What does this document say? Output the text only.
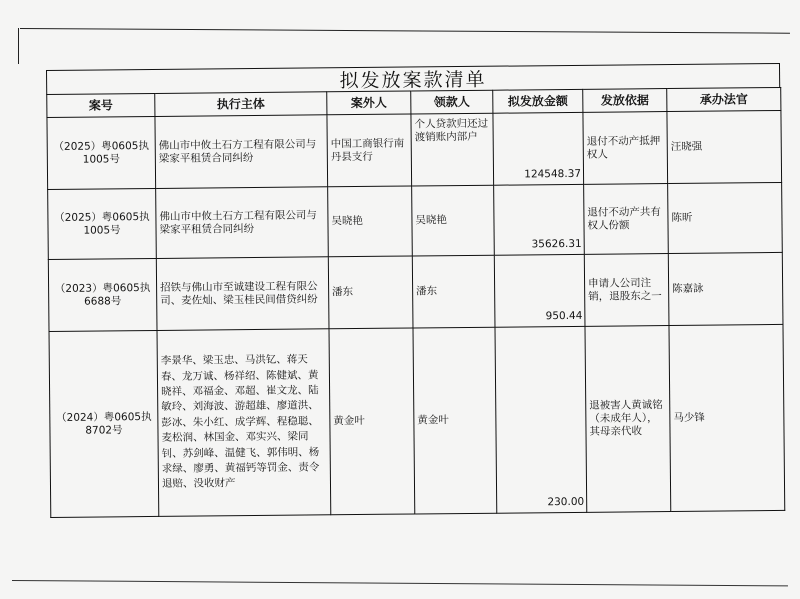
拟发放案款清单
案号	执行主体	案外人	领款人	拟发放金额	发放依据	承办法官
（2025）粤0605执1005号	佛山市中攸土石方工程有限公司与梁家平租赁合同纠纷	中国工商银行南丹县支行	个人贷款归还过渡销账内部户	124548.37	退付不动产抵押权人	汪晓强
（2025）粤0605执1005号	佛山市中攸土石方工程有限公司与梁家平租赁合同纠纷	吴晓艳	吴晓艳	35626.31	退付不动产共有权人份额	陈昕
（2023）粤0605执6688号	招铁与佛山市至诚建设工程有限公司、麦佐灿、梁玉桂民间借贷纠纷	潘东	潘东	950.44	申请人公司注销，退股东之一	陈嘉詠
（2024）粤0605执8702号	李景华、梁玉忠、马洪钇、蒋天春、龙万诚、杨祥绍、陈健斌、黄晓祥、邓福金、邓超、崔文龙、陆敏玲、刘海波、游超雄、廖道洪、彭冰、朱小红、成学辉、程稳聪、麦松润、林国金、邓实兴、梁同钊、苏剑峰、温健飞、郭伟明、杨求绿、廖勇、黄福钙等罚金、责令退赔、没收财产	黄金叶	黄金叶	230.00	退被害人黄诚铭（未成年人），其母亲代收	马少锋
